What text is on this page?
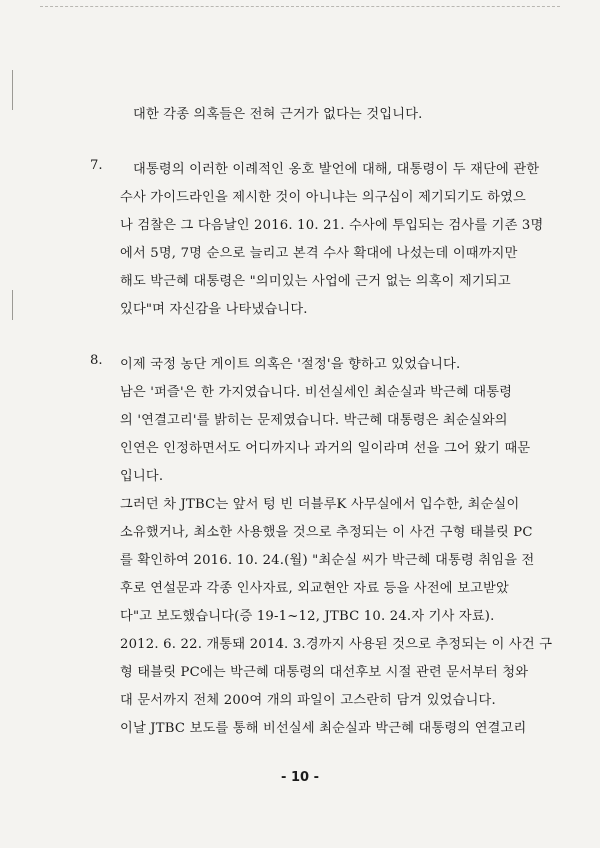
대한 각종 의혹들은 전혀 근거가 없다는 것입니다.
7. 대통령의 이러한 이례적인 옹호 발언에 대해, 대통령이 두 재단에 관한
수사 가이드라인을 제시한 것이 아니냐는 의구심이 제기되기도 하였으
나 검찰은 그 다음날인 2016. 10. 21. 수사에 투입되는 검사를 기존 3명
에서 5명, 7명 순으로 늘리고 본격 수사 확대에 나섰는데 이때까지만
해도 박근혜 대통령은 "의미있는 사업에 근거 없는 의혹이 제기되고
있다"며 자신감을 나타냈습니다.
8. 이제 국정 농단 게이트 의혹은 '절정'을 향하고 있었습니다.
남은 '퍼즐'은 한 가지였습니다. 비선실세인 최순실과 박근혜 대통령
의 '연결고리'를 밝히는 문제였습니다. 박근혜 대통령은 최순실와의
인연은 인정하면서도 어디까지나 과거의 일이라며 선을 그어 왔기 때문
입니다.
그러던 차 JTBC는 앞서 텅 빈 더블루K 사무실에서 입수한, 최순실이
소유했거나, 최소한 사용했을 것으로 추정되는 이 사건 구형 태블릿 PC
를 확인하여 2016. 10. 24.(월) "최순실 씨가 박근혜 대통령 취임을 전
후로 연설문과 각종 인사자료, 외교현안 자료 등을 사전에 보고받았
다"고 보도했습니다(증 19-1~12, JTBC 10. 24.자 기사 자료).
2012. 6. 22. 개통돼 2014. 3.경까지 사용된 것으로 추정되는 이 사건 구
형 태블릿 PC에는 박근혜 대통령의 대선후보 시절 관련 문서부터 청와
대 문서까지 전체 200여 개의 파일이 고스란히 담겨 있었습니다.
이날 JTBC 보도를 통해 비선실세 최순실과 박근혜 대통령의 연결고리
- 10 -
